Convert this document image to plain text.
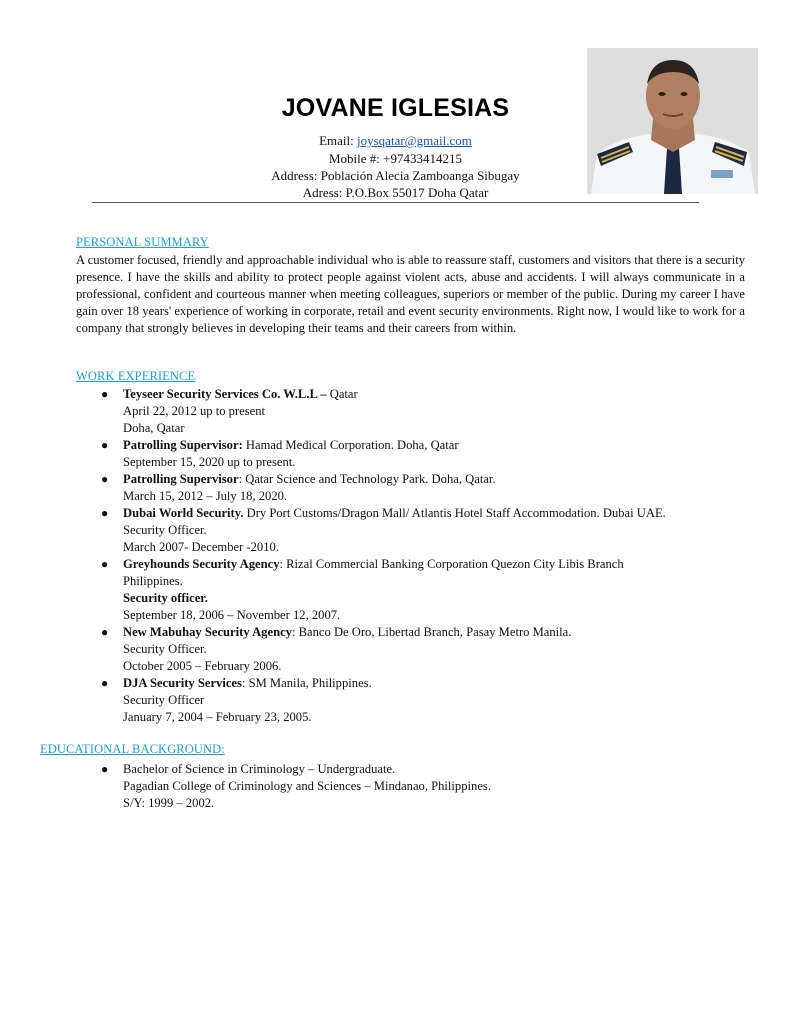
JOVANE IGLESIAS
Email: joysqatar@gmail.com
Mobile #: +97433414215
Address: Población Alecia Zamboanga Sibugay
Adress: P.O.Box 55017 Doha Qatar
PERSONAL SUMMARY
A customer focused, friendly and approachable individual who is able to reassure staff, customers and visitors that there is a security presence. I have the skills and ability to protect people against violent acts, abuse and accidents. I will always communicate in a professional, confident and courteous manner when meeting colleagues, superiors or member of the public. During my career I have gain over 18 years' experience of working in corporate, retail and event security environments. Right now, I would like to work for a company that strongly believes in developing their teams and their careers from within.
WORK EXPERIENCE
● Teyseer Security Services Co. W.L.L – Qatar
April 22, 2012 up to present
Doha, Qatar
● Patrolling Supervisor: Hamad Medical Corporation. Doha, Qatar
September 15, 2020 up to present.
● Patrolling Supervisor: Qatar Science and Technology Park. Doha, Qatar.
March 15, 2012 – July 18, 2020.
● Dubai World Security. Dry Port Customs/Dragon Mall/ Atlantis Hotel Staff Accommodation. Dubai UAE.
Security Officer.
March 2007- December -2010.
● Greyhounds Security Agency: Rizal Commercial Banking Corporation Quezon City Libis Branch
Philippines.
Security officer.
September 18, 2006 – November 12, 2007.
● New Mabuhay Security Agency: Banco De Oro, Libertad Branch, Pasay Metro Manila.
Security Officer.
October 2005 – February 2006.
● DJA Security Services: SM Manila, Philippines.
Security Officer
January 7, 2004 – February 23, 2005.
EDUCATIONAL BACKGROUND:
● Bachelor of Science in Criminology – Undergraduate.
Pagadian College of Criminology and Sciences – Mindanao, Philippines.
S/Y: 1999 – 2002.
